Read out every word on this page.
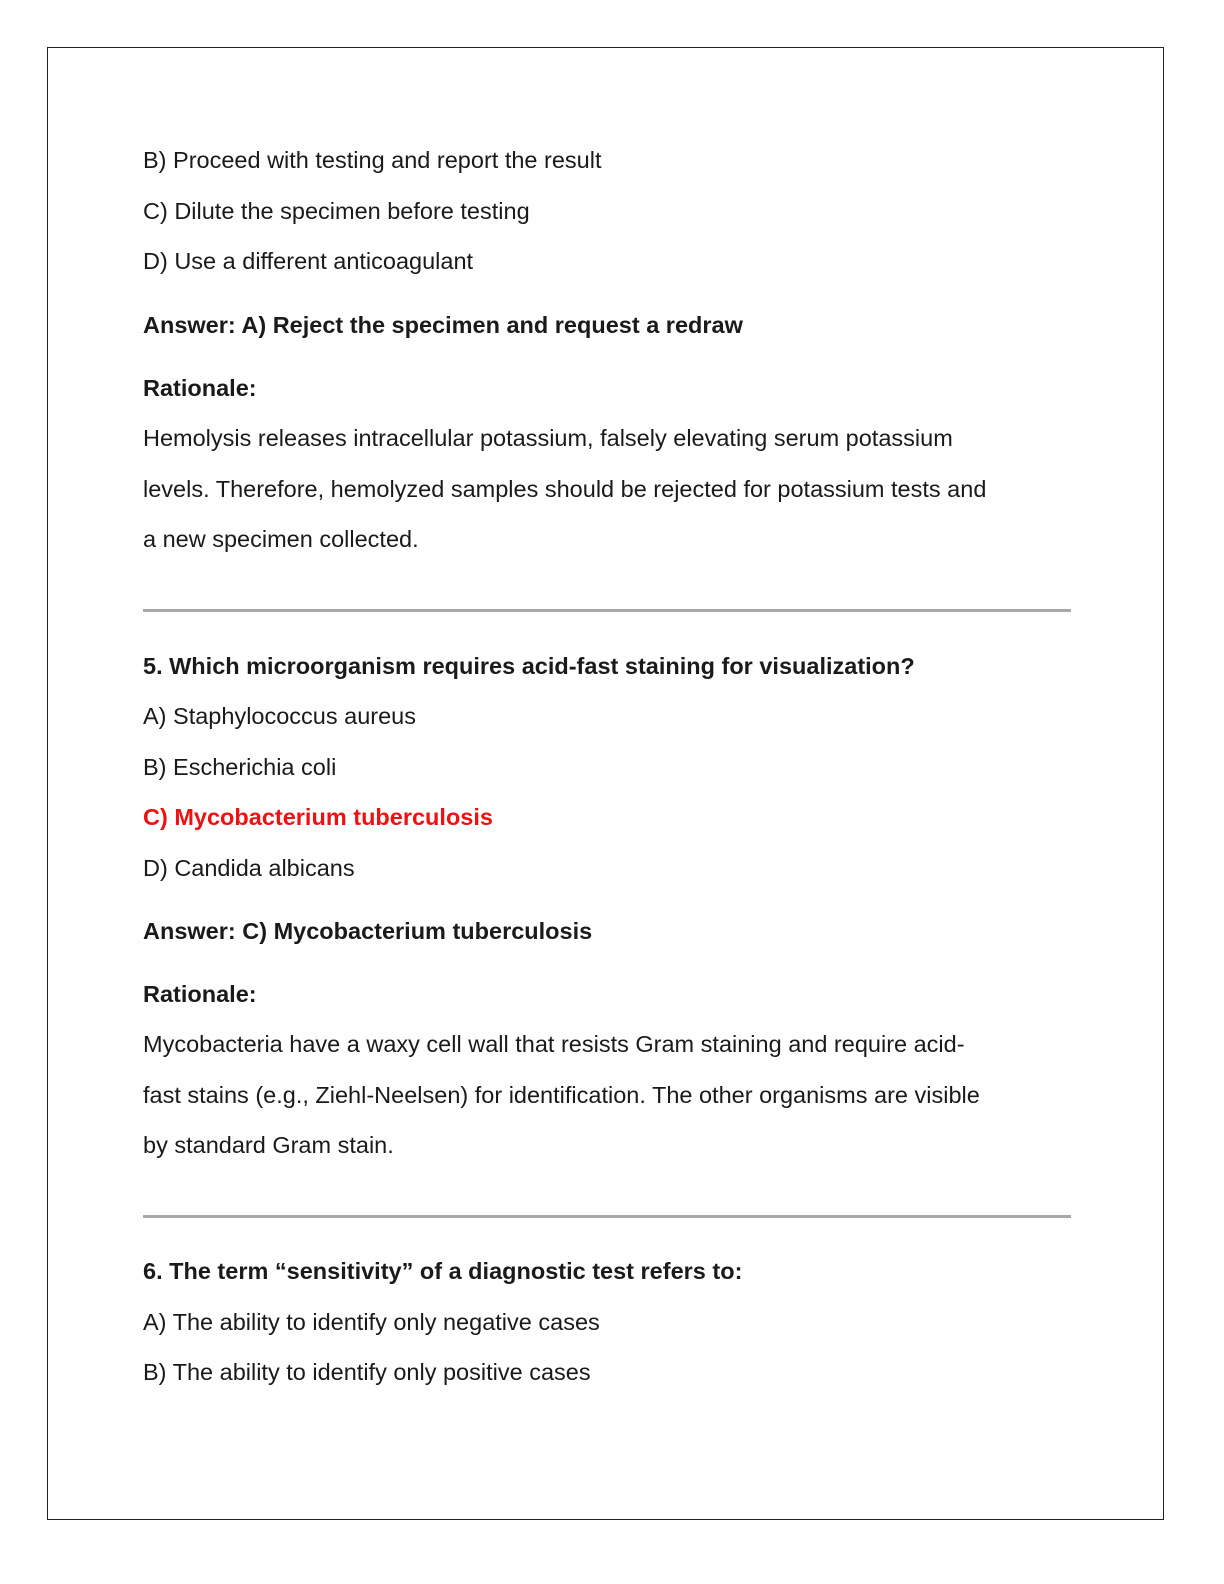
B) Proceed with testing and report the result
C) Dilute the specimen before testing
D) Use a different anticoagulant
Answer: A) Reject the specimen and request a redraw
Rationale:
Hemolysis releases intracellular potassium, falsely elevating serum potassium
levels. Therefore, hemolyzed samples should be rejected for potassium tests and
a new specimen collected.
5. Which microorganism requires acid-fast staining for visualization?
A) Staphylococcus aureus
B) Escherichia coli
C) Mycobacterium tuberculosis
D) Candida albicans
Answer: C) Mycobacterium tuberculosis
Rationale:
Mycobacteria have a waxy cell wall that resists Gram staining and require acid-
fast stains (e.g., Ziehl-Neelsen) for identification. The other organisms are visible
by standard Gram stain.
6. The term “sensitivity” of a diagnostic test refers to:
A) The ability to identify only negative cases
B) The ability to identify only positive cases
